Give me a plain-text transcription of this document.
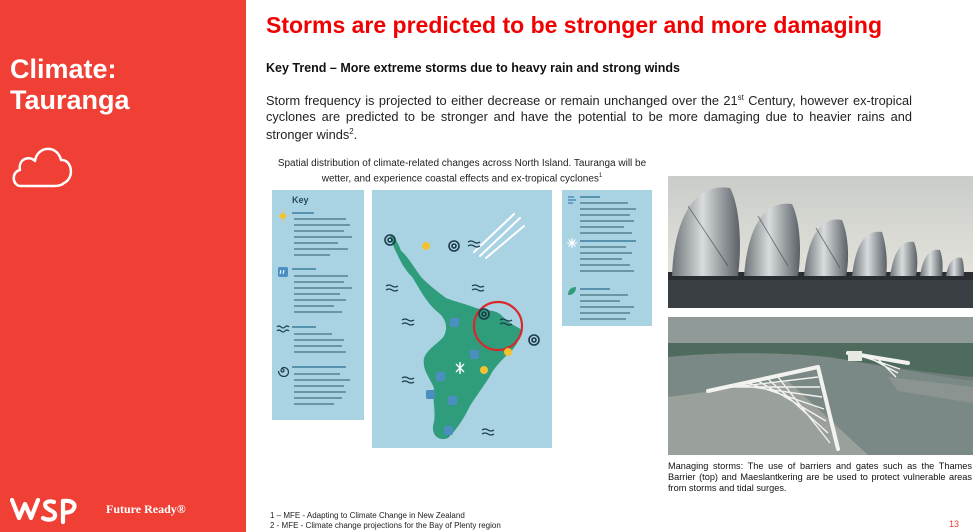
Climate:
Tauranga
Future Ready®
Storms are predicted to be stronger and more damaging
Key Trend – More extreme storms due to heavy rain and strong winds
Storm frequency is projected to either decrease or remain unchanged over the 21st Century, however ex-tropical cyclones are predicted to be stronger and have the potential to be more damaging due to heavier rains and stronger winds$^2$.
Spatial distribution of climate-related changes across North Island. Tauranga will be wetter, and experience coastal effects and ex-tropical cyclones$^1$
Key
Managing storms: The use of barriers and gates such as the Thames Barrier (top) and Maeslantkering are be used to protect vulnerable areas from storms and tidal surges.
1 – MFE - Adapting to Climate Change in New Zealand
2 - MFE - Climate change projections for the Bay of Plenty region	13
